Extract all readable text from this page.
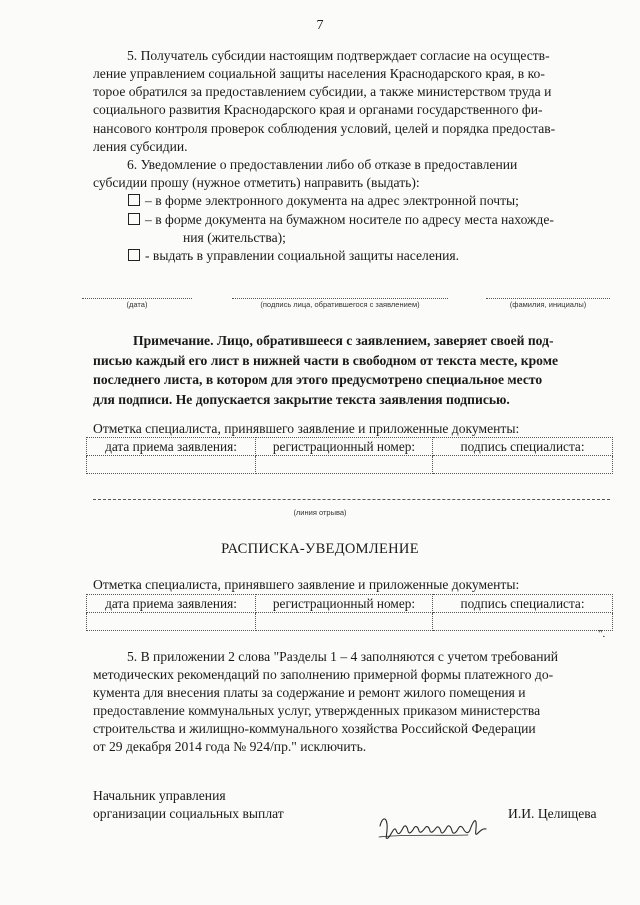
7
5. Получатель субсидии настоящим подтверждает согласие на осуществ-
ление управлением социальной защиты населения Краснодарского края, в ко-
торое обратился за предоставлением субсидии, а также министерством труда и
социального развития Краснодарского края и органами государственного фи-
нансового контроля проверок соблюдения условий, целей и порядка предостав-
ления субсидии.
6. Уведомление о предоставлении либо об отказе в предоставлении
субсидии прошу (нужное отметить) направить (выдать):
– в форме электронного документа на адрес электронной почты;
– в форме документа на бумажном носителе по адресу места нахожде-
ния (жительства);
- выдать в управлении социальной защиты населения.
(дата)	(подпись лица, обратившегося с заявлением)	(фамилия, инициалы)
Примечание. Лицо, обратившееся с заявлением, заверяет своей под-
писью каждый его лист в нижней части в свободном от текста месте, кроме
последнего листа, в котором для этого предусмотрено специальное место
для подписи. Не допускается закрытие текста заявления подписью.
Отметка специалиста, принявшего заявление и приложенные документы:
дата приема заявления:	регистрационный номер:	подпись специалиста:

(линия отрыва)
РАСПИСКА-УВЕДОМЛЕНИЕ
Отметка специалиста, принявшего заявление и приложенные документы:
дата приема заявления:	регистрационный номер:	подпись специалиста:

".
5. В приложении 2 слова "Разделы 1 – 4 заполняются с учетом требований
методических рекомендаций по заполнению примерной формы платежного до-
кумента для внесения платы за содержание и ремонт жилого помещения и
предоставление коммунальных услуг, утвержденных приказом министерства
строительства и жилищно-коммунального хозяйства Российской Федерации
от 29 декабря 2014 года № 924/пр." исключить.
Начальник управления
организации социальных выплат	И.И. Целищева
